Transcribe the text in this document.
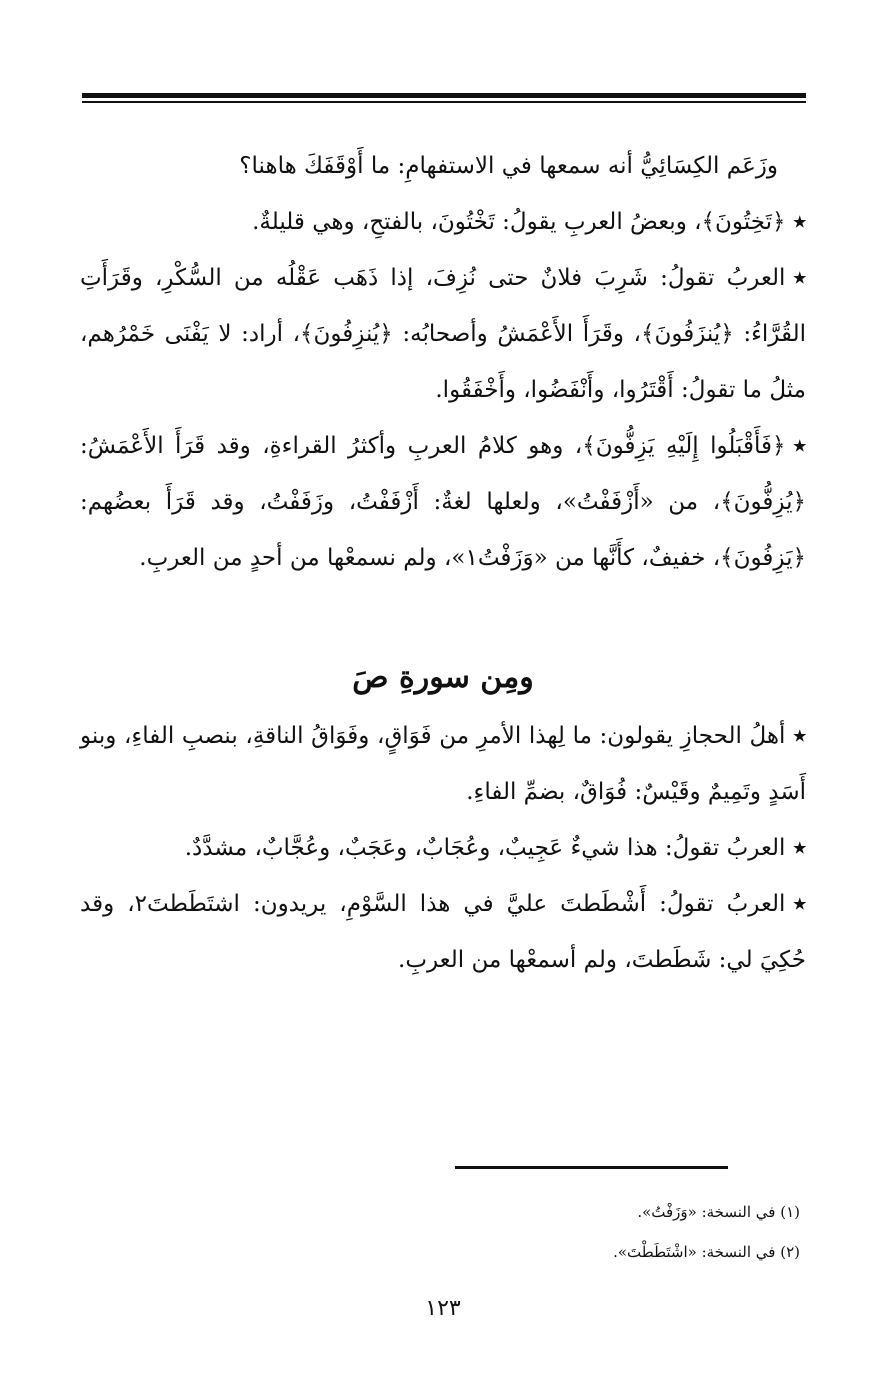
وزَعَم الكِسَائِيُّ أنه سمعها في الاستفهامِ: ما أَوْقَفَكَ هاهنا؟

٭﴿تَخِتُونَ﴾، وبعضُ العربِ يقولُ: تَخْتُونَ، بالفتحِ، وهي قليلةٌ.

٭العربُ تقولُ: شَرِبَ فلانٌ حتى نُزِفَ، إذا ذَهَب عَقْلُه من السُّكْرِ، وقَرَأَتِ القُرَّاءُ: ﴿يُنزَفُونَ﴾، وقَرَأَ الأَعْمَشُ وأصحابُه: ﴿يُنزِفُونَ﴾، أراد: لا يَفْنَى خَمْرُهم، مثلُ ما تقولُ: أَقْتَرُوا، وأَنْفَضُوا، وأَخْفَقُوا.

٭﴿فَأَقْبَلُوا إِلَيْهِ يَزِفُّونَ﴾، وهو كلامُ العربِ وأكثرُ القراءةِ، وقد قَرَأَ الأَعْمَشُ: ﴿يُزِفُّونَ﴾، من «أَزْفَفْتُ»، ولعلها لغةٌ: أَزْفَفْتُ، وزَفَفْتُ، وقد قَرَأَ بعضُهم: ﴿يَزِفُونَ﴾، خفيفٌ، كأَنَّها من «وَزَفْتُ١»، ولم نسمعْها من أحدٍ من العربِ.

ومِن سورةِ صَ

٭أهلُ الحجازِ يقولون: ما لِهذا الأمرِ من فَوَاقٍ، وفَوَاقُ الناقةِ، بنصبِ الفاءِ، وبنو أَسَدٍ وتَمِيمٌ وقَيْسٌ: فُوَاقٌ، بضمِّ الفاءِ.

٭العربُ تقولُ: هذا شيءٌ عَجِيبٌ، وعُجَابٌ، وعَجَبٌ، وعُجَّابٌ، مشدَّدٌ.

٭العربُ تقولُ: أَشْطَطتَ عليَّ في هذا السَّوْمِ، يريدون: اشتَطَطتَ٢، وقد حُكِيَ لي: شَطَطتَ، ولم أسمعْها من العربِ.

(١) في النسخة: «وَزَفْتُ».

(٢) في النسخة: «اشْتَطَطْتَ».

١٢٣
